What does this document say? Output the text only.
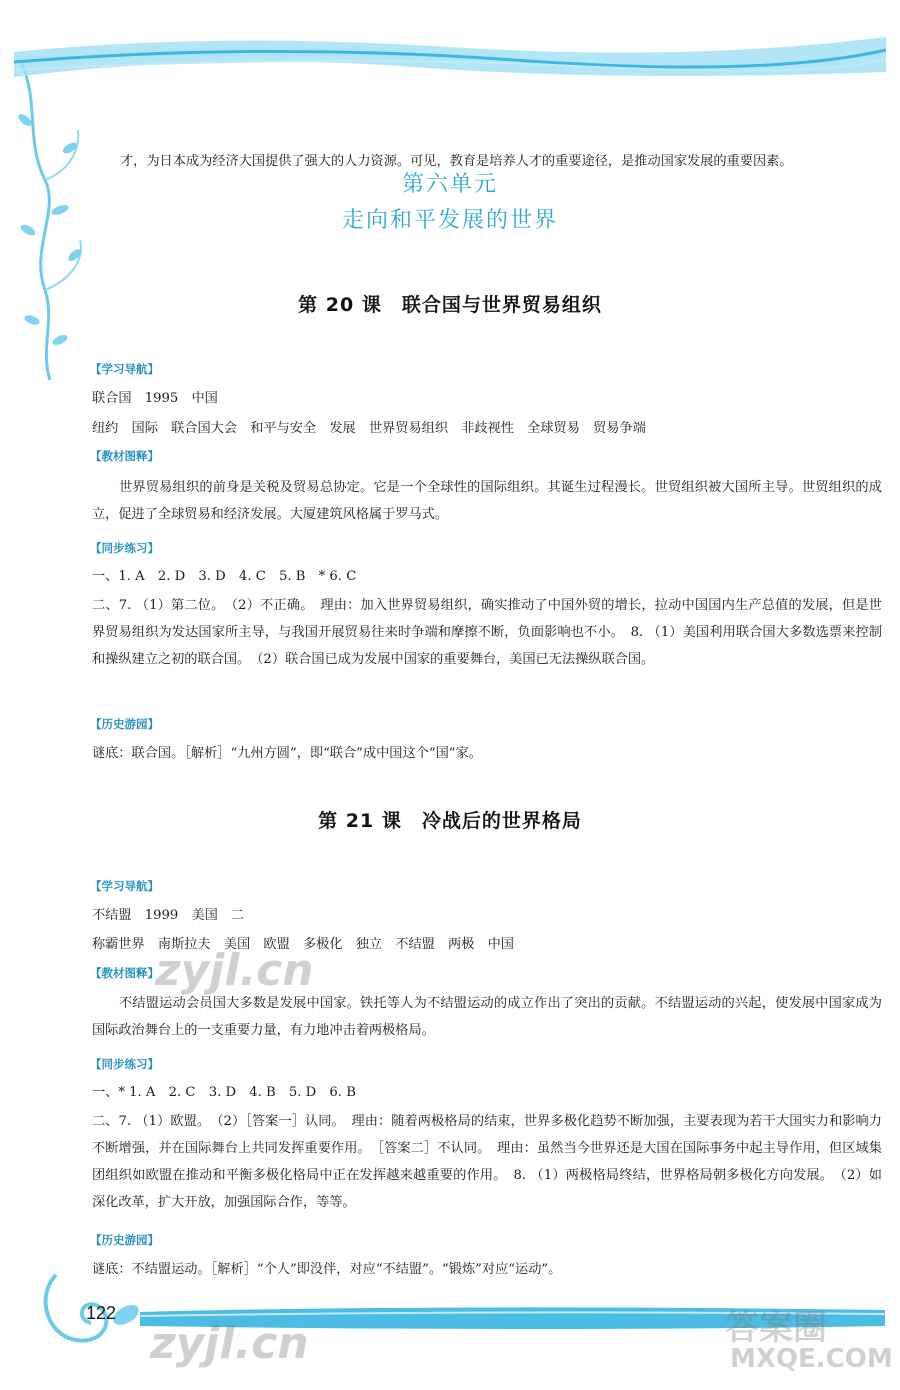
才，为日本成为经济大国提供了强大的人力资源。可见，教育是培养人才的重要途径，是推动国家发展的重要因素。
第六单元
走向和平发展的世界
第 20 课　联合国与世界贸易组织
【学习导航】
联合国　1995　中国
纽约　国际　联合国大会　和平与安全　发展　世界贸易组织　非歧视性　全球贸易　贸易争端
【教材图释】
世界贸易组织的前身是关税及贸易总协定。它是一个全球性的国际组织。其诞生过程漫长。世贸组织被大国所主导。世贸组织的成立，促进了全球贸易和经济发展。大厦建筑风格属于罗马式。
【同步练习】
一、1. A　2. D　3. D　4. C　5. B　* 6. C
二、7. （1）第二位。　（2）不正确。　理由：加入世界贸易组织，确实推动了中国外贸的增长，拉动中国国内生产总值的发展，但是世界贸易组织为发达国家所主导，与我国开展贸易往来时争端和摩擦不断，负面影响也不小。　8. （1）美国利用联合国大多数选票来控制和操纵建立之初的联合国。　（2）联合国已成为发展中国家的重要舞台，美国已无法操纵联合国。
【历史游园】
谜底：联合国。［解析］“九州方圆”，即“联合”成中国这个“国”家。
第 21 课　冷战后的世界格局
【学习导航】
不结盟　1999　美国　二
称霸世界　南斯拉夫　美国　欧盟　多极化　独立　不结盟　两极　中国
【教材图释】
不结盟运动会员国大多数是发展中国家。铁托等人为不结盟运动的成立作出了突出的贡献。不结盟运动的兴起，使发展中国家成为国际政治舞台上的一支重要力量，有力地冲击着两极格局。
【同步练习】
一、* 1. A　2. C　3. D　4. B　5. D　6. B
二、7. （1）欧盟。　（2）［答案一］认同。　理由：随着两极格局的结束，世界多极化趋势不断加强，主要表现为若干大国实力和影响力不断增强，并在国际舞台上共同发挥重要作用。　［答案二］不认同。　理由：虽然当今世界还是大国在国际事务中起主导作用，但区域集团组织如欧盟在推动和平衡多极化格局中正在发挥越来越重要的作用。　8. （1）两极格局终结，世界格局朝多极化方向发展。　（2）如深化改革，扩大开放，加强国际合作，等等。
【历史游园】
谜底：不结盟运动。［解析］“个人”即没伴，对应“不结盟”。“锻炼”对应“运动”。
122
zyjl.cn
zyjl.cn	答案圈
MXQE.COM
